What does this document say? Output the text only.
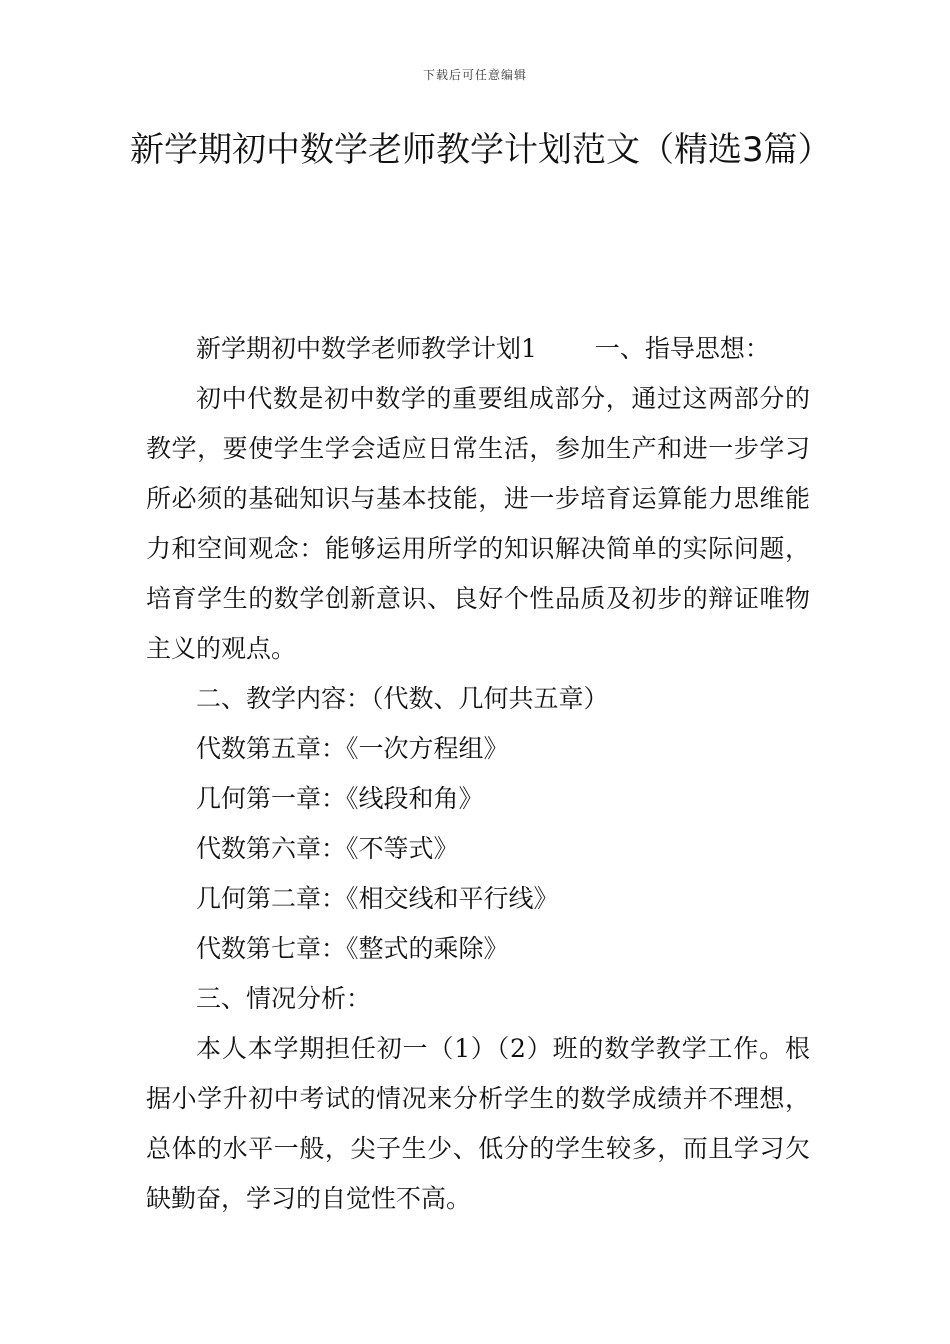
下载后可任意编辑
新学期初中数学老师教学计划范文（精选3篇）

新学期初中数学老师教学计划1 一、指导思想：

初中代数是初中数学的重要组成部分，通过这两部分的教学，要使学生学会适应日常生活，参加生产和进一步学习所必须的基础知识与基本技能，进一步培育运算能力思维能力和空间观念：能够运用所学的知识解决简单的实际问题，培育学生的数学创新意识、良好个性品质及初步的辩证唯物主义的观点。

二、教学内容：（代数、几何共五章）

代数第五章：《一次方程组》

几何第一章：《线段和角》

代数第六章：《不等式》

几何第二章：《相交线和平行线》

代数第七章：《整式的乘除》

三、情况分析：

本人本学期担任初一（1）（2）班的数学教学工作。根据小学升初中考试的情况来分析学生的数学成绩并不理想，总体的水平一般，尖子生少、低分的学生较多，而且学习欠缺勤奋，学习的自觉性不高。
